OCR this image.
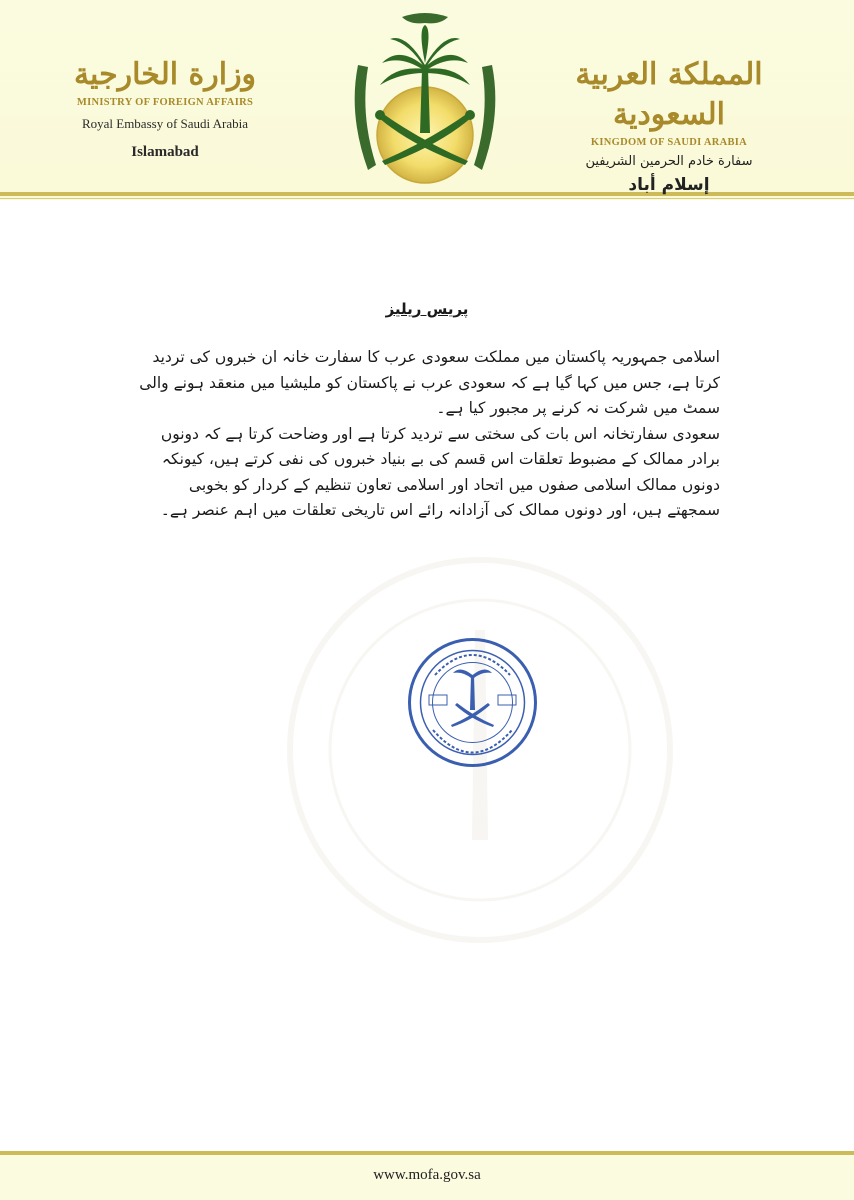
وزارة الخارجية
MINISTRY OF FOREIGN AFFAIRS
Royal Embassy of Saudi Arabia
Islamabad
المملكة العربية السعودية
KINGDOM OF SAUDI ARABIA
سفارة خادم الحرمين الشريفين
إسلام أباد
پریس ریلیز

اسلامی جمہوریہ پاکستان میں مملکت سعودی عرب کا سفارت خانہ ان خبروں کی تردید کرتا ہے، جس میں کہا گیا ہے کہ سعودی عرب نے پاکستان کو ملیشیا میں منعقد ہونے والی سمٹ میں شرکت نہ کرنے پر مجبور کیا ہے۔

سعودی سفارتخانہ اس بات کی سختی سے تردید کرتا ہے اور وضاحت کرتا ہے کہ دونوں برادر ممالک کے مضبوط تعلقات اس قسم کی بے بنیاد خبروں کی نفی کرتے ہیں، کیونکہ دونوں ممالک اسلامی صفوں میں اتحاد اور اسلامی تعاون تنظیم کے کردار کو بخوبی سمجھتے ہیں، اور دونوں ممالک کی آزادانہ رائے اس تاریخی تعلقات میں اہم عنصر ہے۔

www.mofa.gov.sa
